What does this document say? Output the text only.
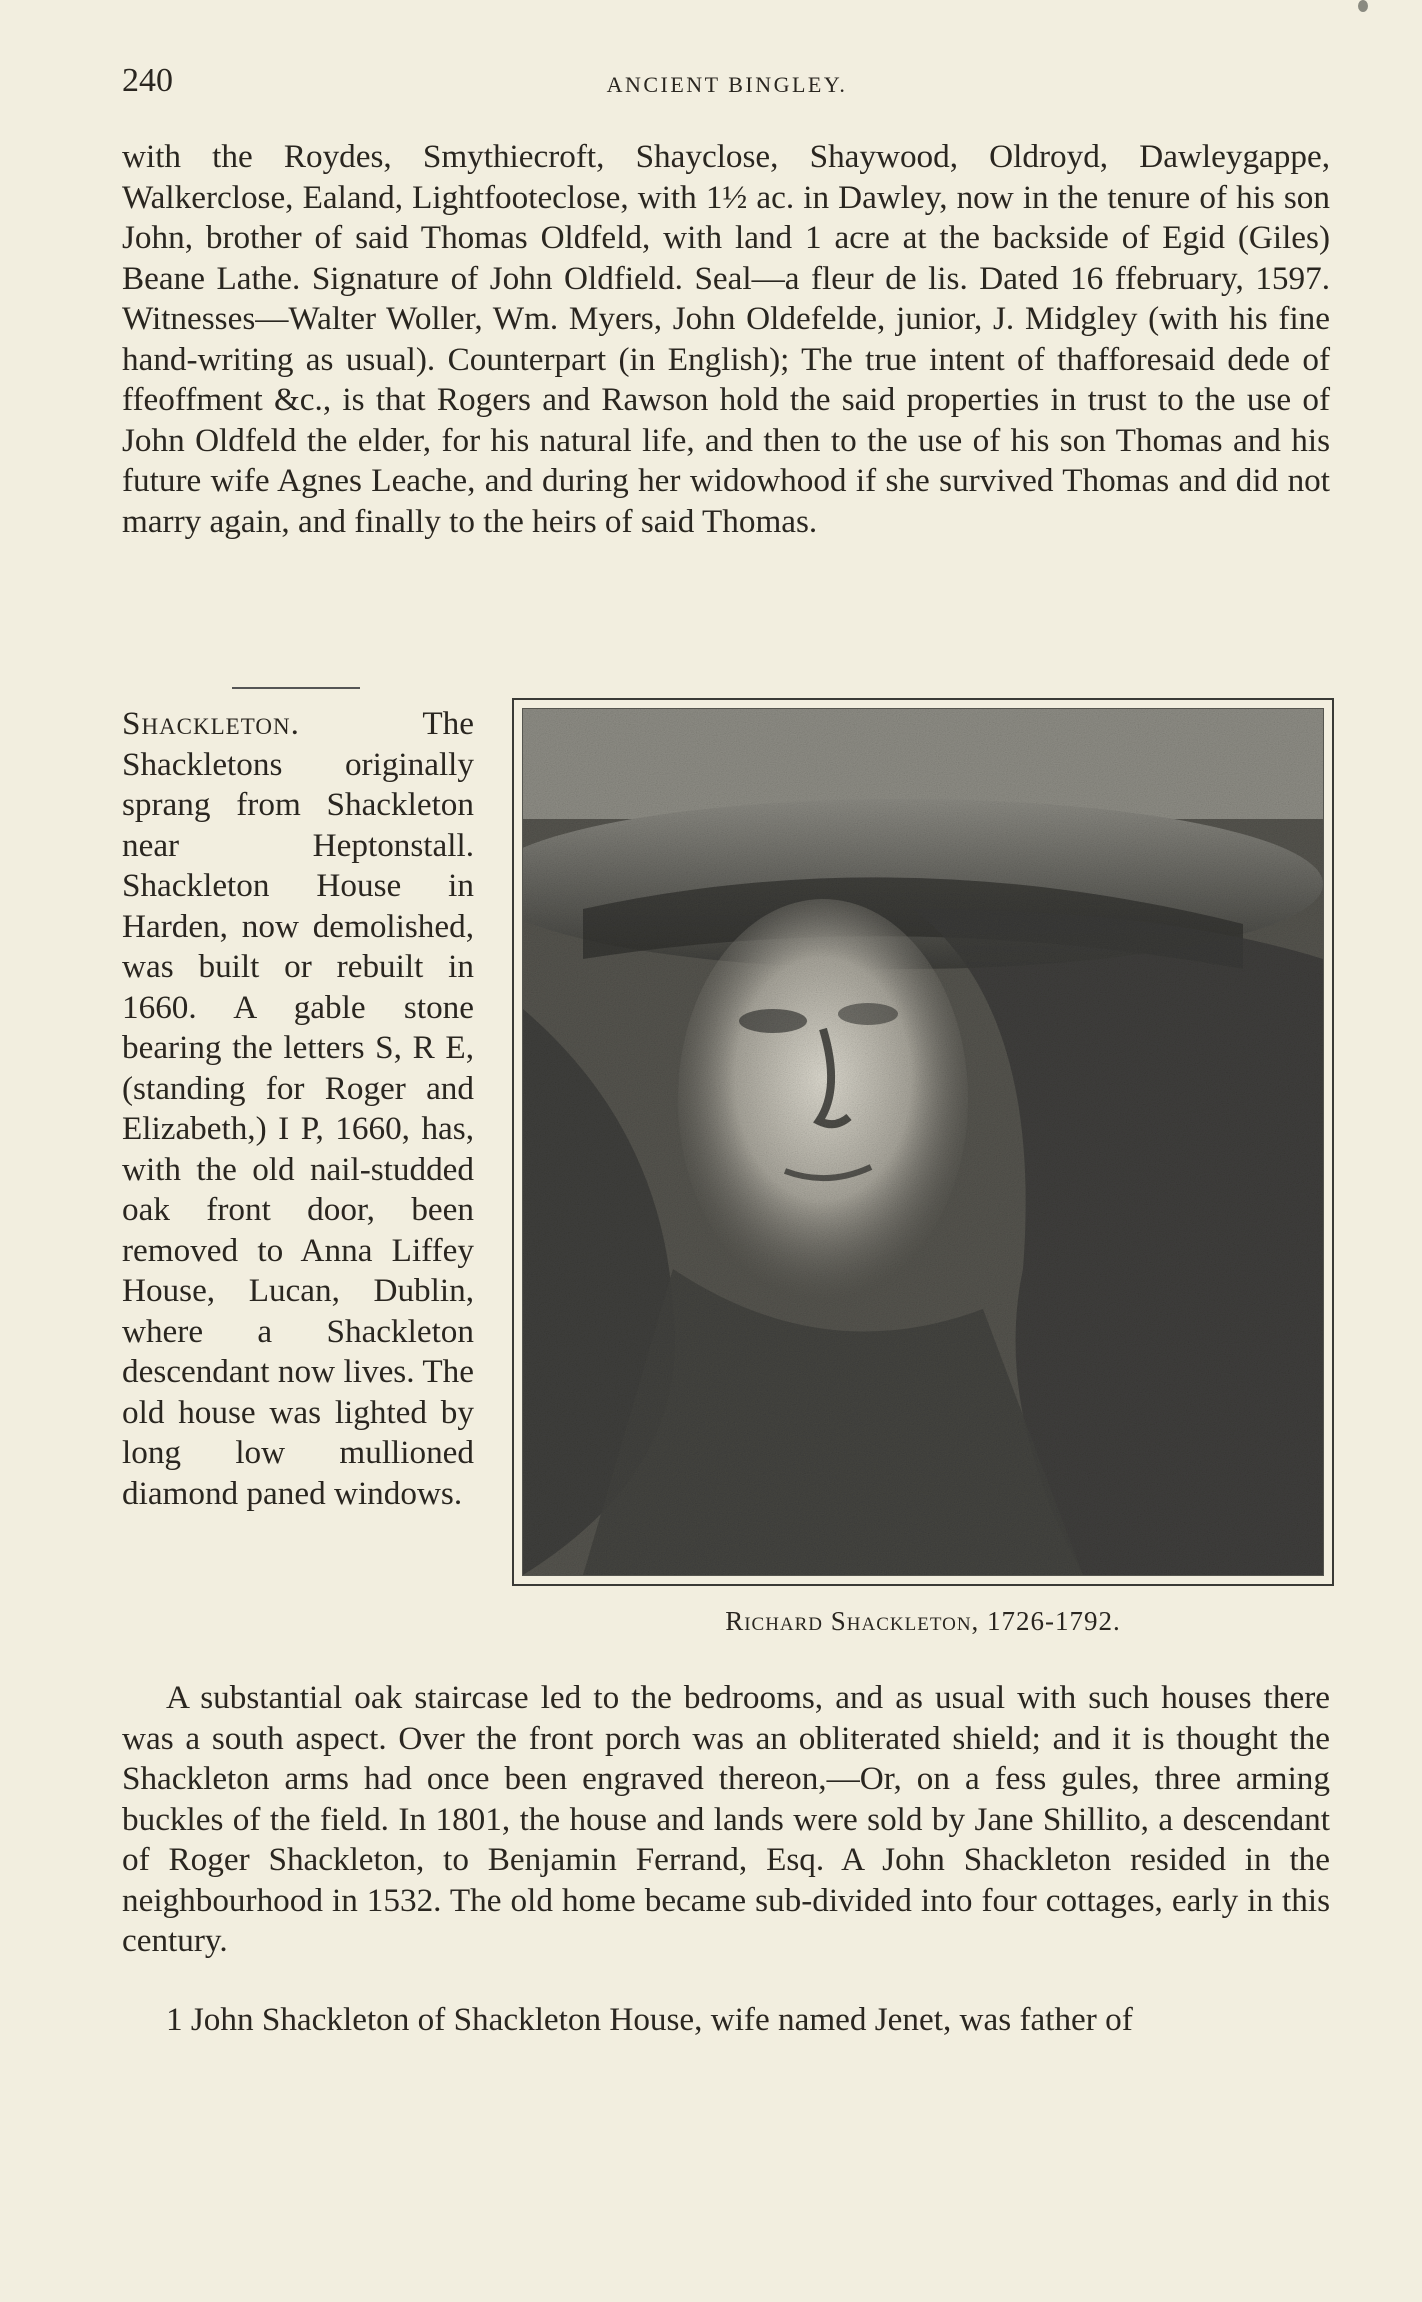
240	ANCIENT BINGLEY.
with the Roydes, Smythiecroft, Shayclose, Shaywood, Oldroyd, Dawleygappe, Walkerclose, Ealand, Lightfooteclose, with 1½ ac. in Dawley, now in the tenure of his son John, brother of said Thomas Oldfeld, with land 1 acre at the backside of Egid (Giles) Beane Lathe. Signature of John Oldfield. Seal—a fleur de lis. Dated 16 ffebruary, 1597. Witnesses—Walter Woller, Wm. Myers, John Oldefelde, junior, J. Midgley (with his fine hand-writing as usual). Counterpart (in English); The true intent of thafforesaid dede of ffeoffment &c., is that Rogers and Rawson hold the said properties in trust to the use of John Oldfeld the elder, for his natural life, and then to the use of his son Thomas and his future wife Agnes Leache, and during her widowhood if she survived Thomas and did not marry again, and finally to the heirs of said Thomas.
Shackleton.	The Shackletons originally sprang from Shackleton near Heptonstall. Shackleton House in Harden, now demolished, was built or rebuilt in 1660. A gable stone bearing the letters S, R E, (standing for Roger and Elizabeth,) I P, 1660, has, with the old nail-studded oak front door, been removed to Anna Liffey House, Lucan, Dublin, where a Shackleton descendant now lives. The old house was lighted by long low mullioned diamond paned windows.
Richard Shackleton, 1726-1792.
A substantial oak staircase led to the bedrooms, and as usual with such houses there was a south aspect. Over the front porch was an obliterated shield; and it is thought the Shackleton arms had once been engraved thereon,—Or, on a fess gules, three arming buckles of the field. In 1801, the house and lands were sold by Jane Shillito, a descendant of Roger Shackleton, to Benjamin Ferrand, Esq. A John Shackleton resided in the neighbourhood in 1532. The old home became sub-divided into four cottages, early in this century.
1 John Shackleton of Shackleton House, wife named Jenet, was father of
